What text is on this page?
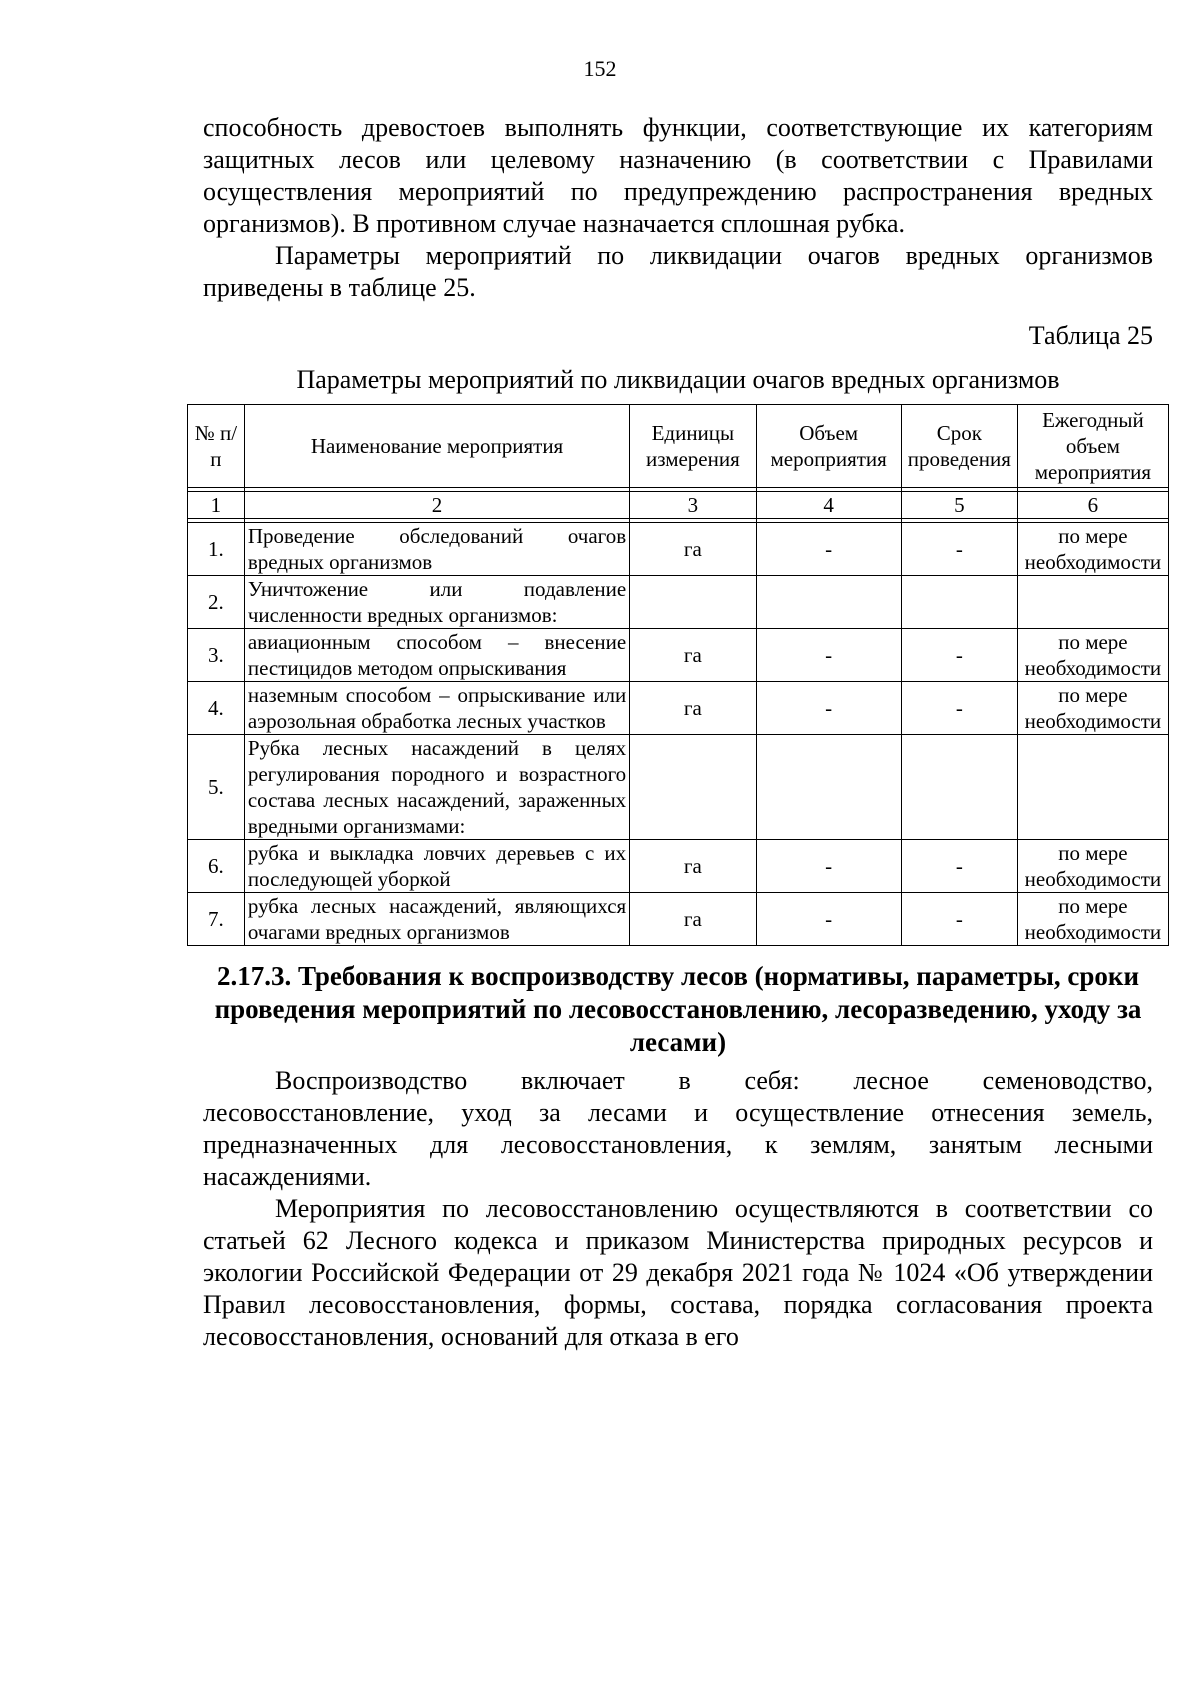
152

способность древостоев выполнять функции, соответствующие их категориям защитных лесов или целевому назначению (в соответствии с Правилами осуществления мероприятий по предупреждению распространения вредных организмов). В противном случае назначается сплошная рубка.

Параметры мероприятий по ликвидации очагов вредных организмов приведены в таблице 25.

Таблица 25
Параметры мероприятий по ликвидации очагов вредных организмов
№ п/п	Наименование мероприятия	Единицы измерения	Объем мероприятия	Срок проведения	Ежегодный объем мероприятия

1	2	3	4	5	6

1.	Проведение обследований очагов вредных организмов	га	-	-	по мере необходимости
2.	Уничтожение или подавление численности вредных организмов:				
3.	авиационным способом – внесение пестицидов методом опрыскивания	га	-	-	по мере необходимости
4.	наземным способом – опрыскивание или аэрозольная обработка лесных участков	га	-	-	по мере необходимости
5.	Рубка лесных насаждений в целях регулирования породного и возрастного состава лесных насаждений, зараженных вредными организмами:				
6.	рубка и выкладка ловчих деревьев с их последующей уборкой	га	-	-	по мере необходимости
7.	рубка лесных насаждений, являющихся очагами вредных организмов	га	-	-	по мере необходимости
2.17.3. Требования к воспроизводству лесов (нормативы, параметры, сроки проведения мероприятий по лесовосстановлению, лесоразведению, уходу за лесами)

Воспроизводство включает в себя: лесное семеноводство, лесовосстановление, уход за лесами и осуществление отнесения земель, предназначенных для лесовосстановления, к землям, занятым лесными насаждениями.

Мероприятия по лесовосстановлению осуществляются в соответствии со статьей 62 Лесного кодекса и приказом Министерства природных ресурсов и экологии Российской Федерации от 29 декабря 2021 года № 1024 «Об утверждении Правил лесовосстановления, формы, состава, порядка согласования проекта лесовосстановления, оснований для отказа в его
